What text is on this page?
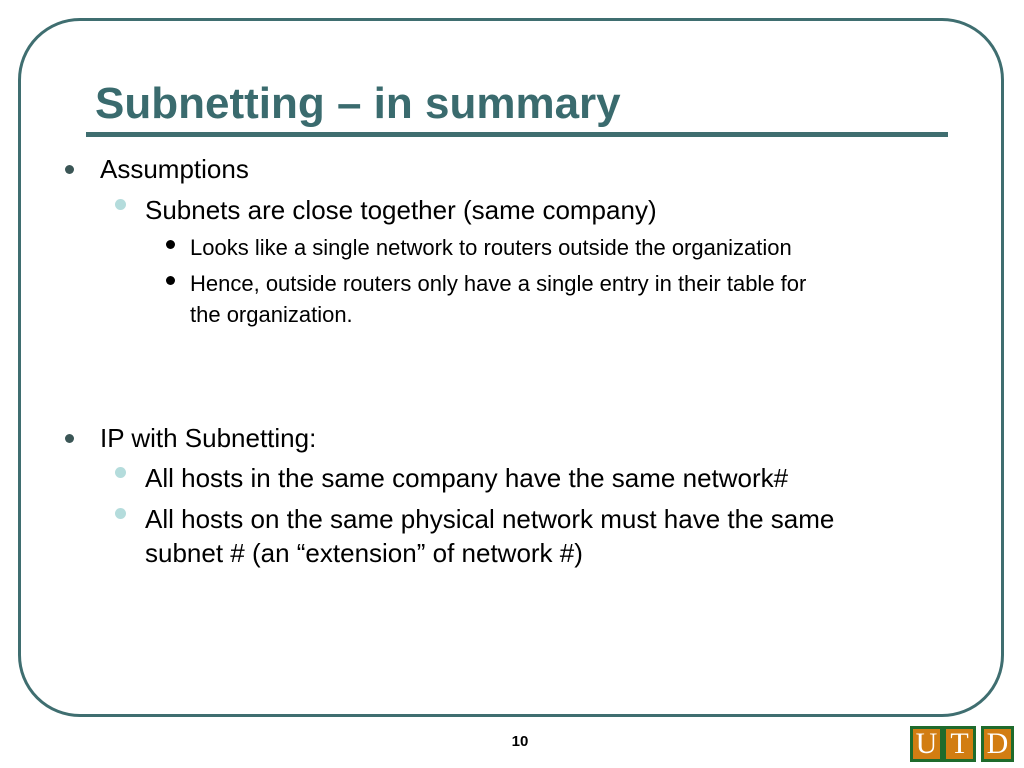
Subnetting – in summary
Assumptions
Subnets are close together (same company)
Looks like a single network to routers outside the organization
Hence, outside routers only have a single entry in their table for
the organization.
IP with Subnetting:
All hosts in the same company have the same network#
All hosts on the same physical network must have the same
subnet # (an “extension” of network #)
10	U T D
